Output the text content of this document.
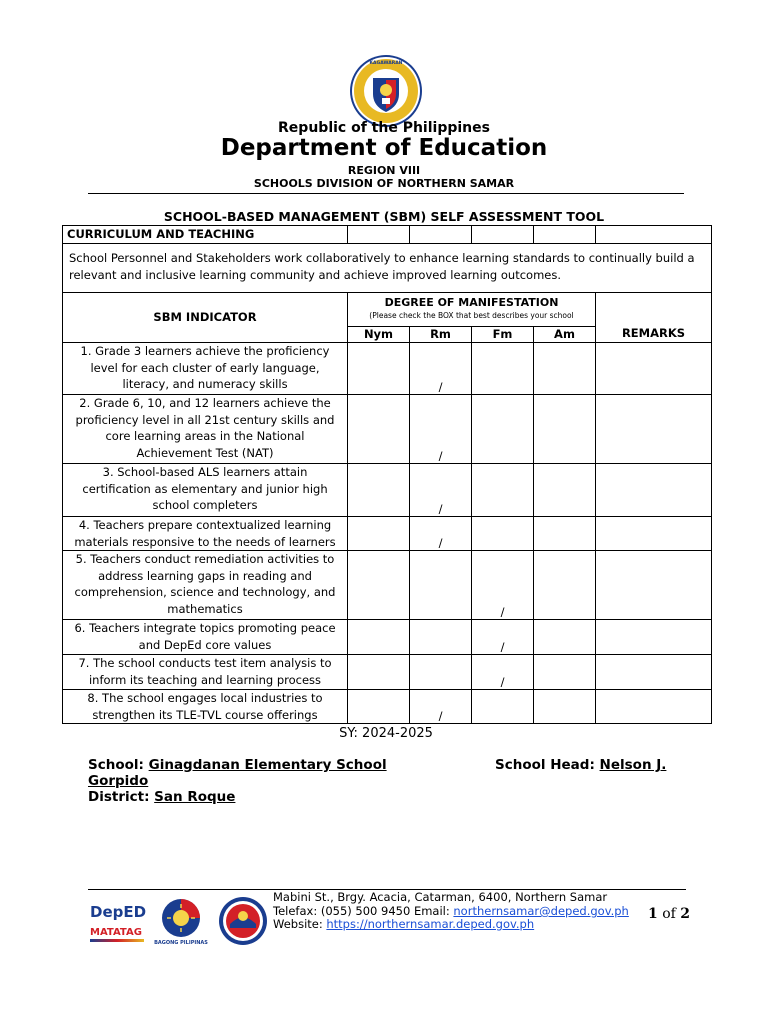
KAGAWARAN
Republic of the Philippines
Department of Education
REGION VIII
SCHOOLS DIVISION OF NORTHERN SAMAR
SCHOOL-BASED MANAGEMENT (SBM) SELF ASSESSMENT TOOL
CURRICULUM AND TEACHING					
School Personnel and Stakeholders work collaboratively to enhance learning standards to continually build a relevant and inclusive learning community and achieve improved learning outcomes.					
SBM INDICATOR	DEGREE OF MANIFESTATION
(Please check the BOX that best describes your school				REMARKS
	Nym	Rm	Fm	Am	
1. Grade 3 learners achieve the proficiency level for each cluster of early language, literacy, and numeracy skills		/			
2. Grade 6, 10, and 12 learners achieve the proficiency level in all 21st century skills and core learning areas in the National Achievement Test (NAT)		/			
3. School-based ALS learners attain certification as elementary and junior high school completers		/			
4. Teachers prepare contextualized learning materials responsive to the needs of learners		/			
5. Teachers conduct remediation activities to address learning gaps in reading and comprehension, science and technology, and mathematics			/		
6. Teachers integrate topics promoting peace and DepEd core values			/		
7. The school conducts test item analysis to inform its teaching and learning process			/		
8. The school engages local industries to strengthen its TLE-TVL course offerings		/			
SY: 2024-2025
School: Ginagdanan Elementary School	School Head: Nelson J.
Gorpido
District: San Roque
DepED
MATATAG
BAGONG PILIPINAS
Mabini St., Brgy. Acacia, Catarman, 6400, Northern Samar
Telefax: (055) 500 9450 Email: northernsamar@deped.gov.ph
Website: https://northernsamar.deped.gov.ph
1 of 2
